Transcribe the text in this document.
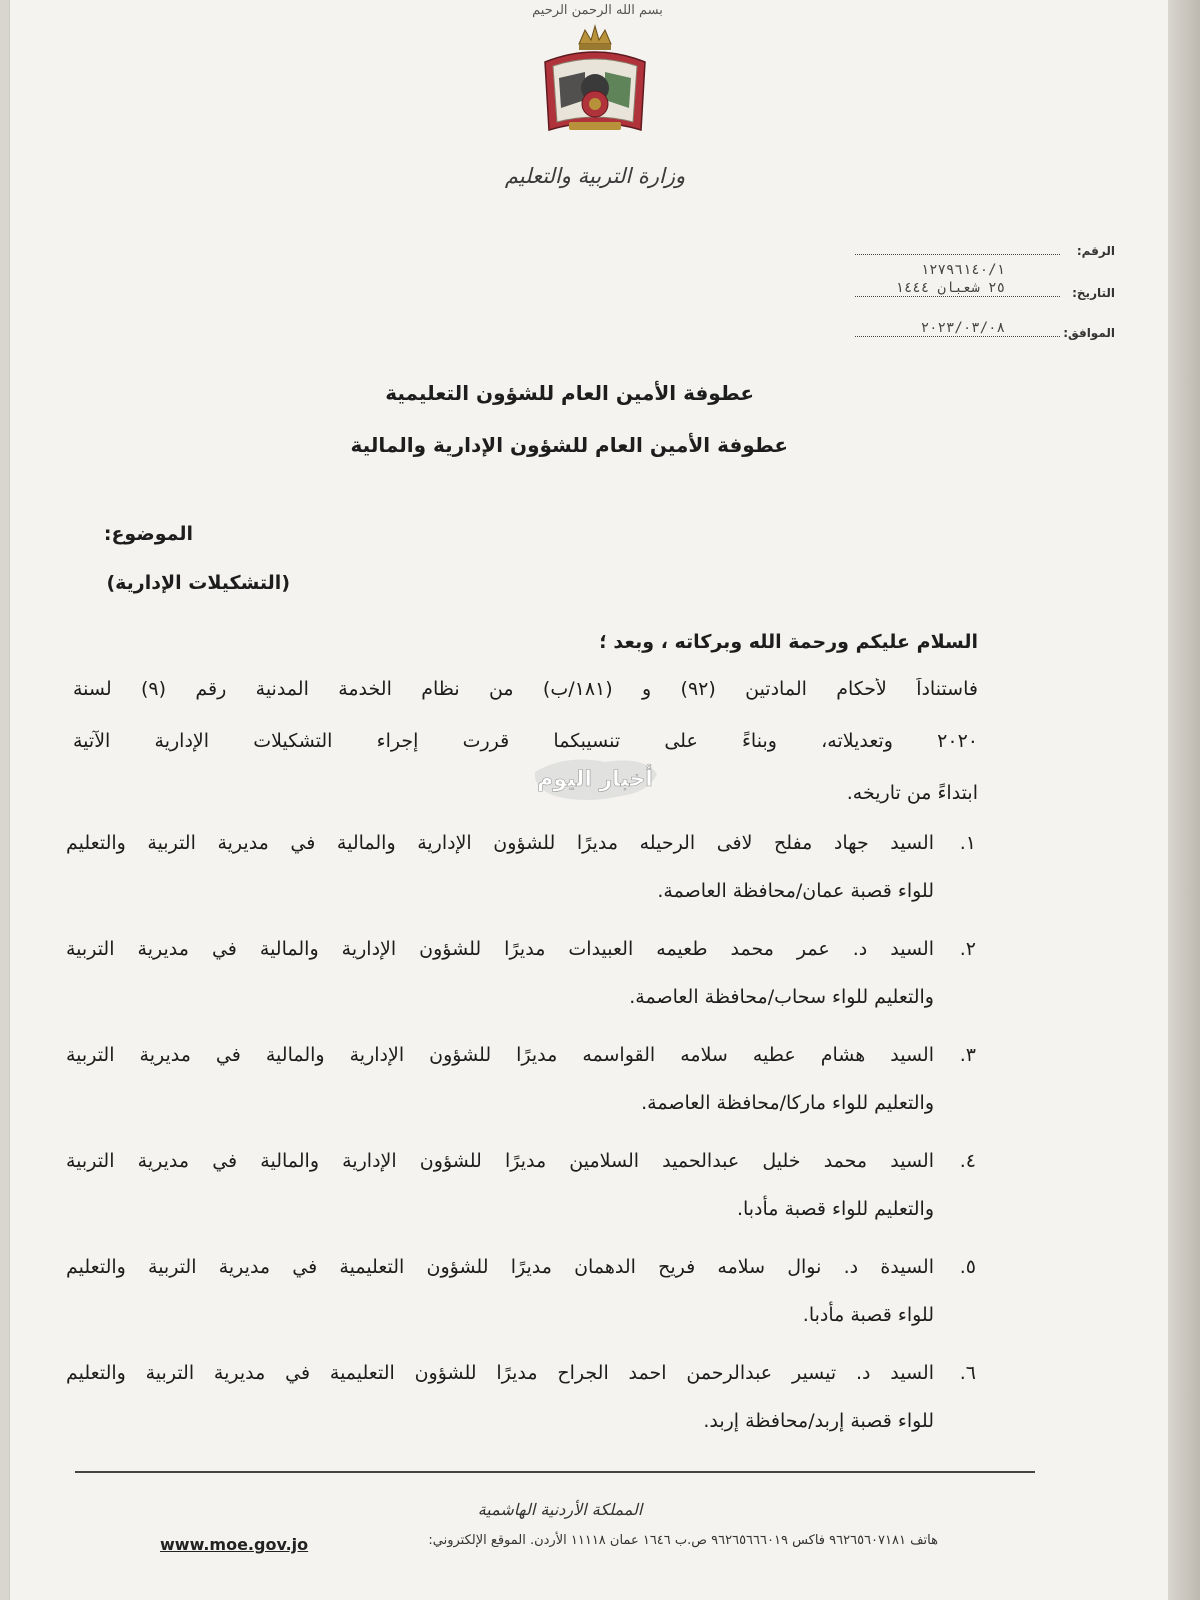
بسم الله الرحمن الرحيم
وزارة التربية والتعليم
الرقم:
١٢٧٩٦١٤٠/١
التاريخ:
٢٥ شعبان ١٤٤٤
الموافق:
٢٠٢٣/٠٣/٠٨
عطوفة الأمين العام للشؤون التعليمية
عطوفة الأمين العام للشؤون الإدارية والمالية
الموضوع:
(التشكيلات الإدارية)
السلام عليكم ورحمة الله وبركاته ، وبعد ؛
فاستناداً لأحكام المادتين (٩٢) و (١٨١/ب) من نظام الخدمة المدنية رقم (٩) لسنة
٢٠٢٠ وتعديلاته، وبناءً على تنسيبكما قررت إجراء التشكيلات الإدارية الآتية
ابتداءً من تاريخه.
١.
السيد جهاد مفلح لافى الرحيله مديرًا للشؤون الإدارية والمالية في مديرية التربية والتعليم
للواء قصبة عمان/محافظة العاصمة.
٢.
السيد د. عمر محمد طعيمه العبيدات مديرًا للشؤون الإدارية والمالية في مديرية التربية
والتعليم للواء سحاب/محافظة العاصمة.
٣.
السيد هشام عطيه سلامه القواسمه مديرًا للشؤون الإدارية والمالية في مديرية التربية
والتعليم للواء ماركا/محافظة العاصمة.
٤.
السيد محمد خليل عبدالحميد السلامين مديرًا للشؤون الإدارية والمالية في مديرية التربية
والتعليم للواء قصبة مأدبا.
٥.
السيدة د. نوال سلامه فريح الدهمان مديرًا للشؤون التعليمية في مديرية التربية والتعليم
للواء قصبة مأدبا.
٦.
السيد د. تيسير عبدالرحمن احمد الجراح مديرًا للشؤون التعليمية في مديرية التربية والتعليم
للواء قصبة إربد/محافظة إربد.
أخبار اليوم
المملكة الأردنية الهاشمية
هاتف ٩٦٢٦٥٦٠٧١٨١ فاكس ٩٦٢٦٥٦٦٦٠١٩ ص.ب ١٦٤٦ عمان ١١١١٨ الأردن. الموقع الإلكتروني:
www.moe.gov.jo
